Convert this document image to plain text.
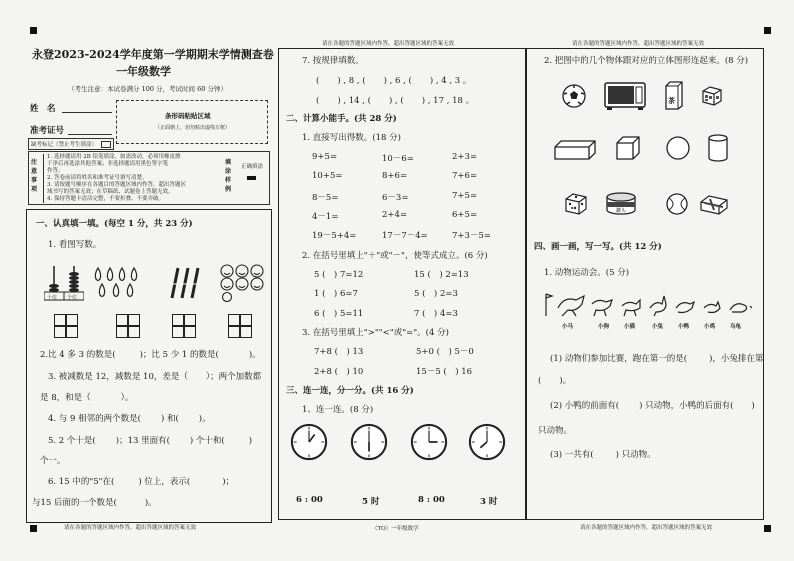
永登2023-2024学年度第一学期期末学情测查卷
一年级数学
（考生注意：本试卷满分 100 分，考试时间 60 分钟）
姓　名
准考证号
条形码粘贴区域
（正面朝上，切勿贴出虚线方框）
缺考标记（禁止考生填涂）
注意事项
1. 选择题请用 2B 铅笔填涂，如需改动，必须用橡皮擦
干净后再选涂其他答案；非选择题请用黑色签字笔
作答。
2. 答卷前请将姓名和准考证号填写清楚。
3. 请按题号顺序在各题目的答题区域内作答，超出答题区
域书写的答案无效；在草稿纸、试题卷上答题无效。
4. 保持答题卡清洁完整，不要折叠、不要弄破。
填涂样例
正确填涂
一、认真填一填。(每空 1 分，共 23 分)
1. 看图写数。
十位 个位
2.比 4 多 3 的数是(	)；比 5 少 1 的数是(	)。
3. 被减数是 12，减数是 10，差是（ ）；两个加数都
是 8，和是（	）。
4. 与 9 相邻的两个数是( ) 和( )。
5. 2 个十是( )；13 里面有( ) 个十和(	)
个一。
6. 15 中的"5"在(	) 位上，表示(	)；
与15 后面的一个数是(	)。
请在各题的答题区域内作答，超出答题区域的答案无效
7. 按规律填数。
( ) , 8 , ( ) , 6 , ( ) , 4 , 3 。
( ) , 14 , ( ) , ( ) , 17 , 18 。
二、计算小能手。(共 28 分)
1. 直接写出得数。(18 分)
9+5=	10－6=	2+3=
10+5=	8+6=	7+6=
8－5=	6－3=	7+5=
4－1=	2+4=	6+5=
19－5+4=	17－7－4=	7+3－5=
2. 在括号里填上"＋"或"－"，使等式成立。(6 分)
5 (　) 7=12	15 (　) 2=13
1 (　) 6=7	5 (　) 2=3
6 (　) 5=11	7 (　) 4=3
3. 在括号里填上">""<"或"="。(4 分)
7+8 (　) 13	5+0 (　) 5－0
2+8 (　) 10	15－5 (　) 16
三、连一连，分一分。(共 16 分)
1、连一连。(8 分)
6 : 00	5 时	8 : 00	3 时
（TO）一年级数学
请在各题的答题区域内作答，超出答题区域的答案无效
2. 把图中的几个物体跟对应的立体图形连起来。(8 分)
茶
罐头
四、画一画，写一写。(共 12 分)
1. 动物运动会。(5 分)
小马	小狗	小猫	小兔	小鸭	小鸡	乌龟
(1) 动物们参加比赛，跑在第一的是(	)，小兔排在第
( )。
(2) 小鸭的前面有( ) 只动物，小鸭的后面有( )
只动物。
(3) 一共有(	) 只动物。
请在各题的答题区域内作答，超出答题区域的答案无效
请在各题的答题区域内作答，超出答题区域的答案无效
